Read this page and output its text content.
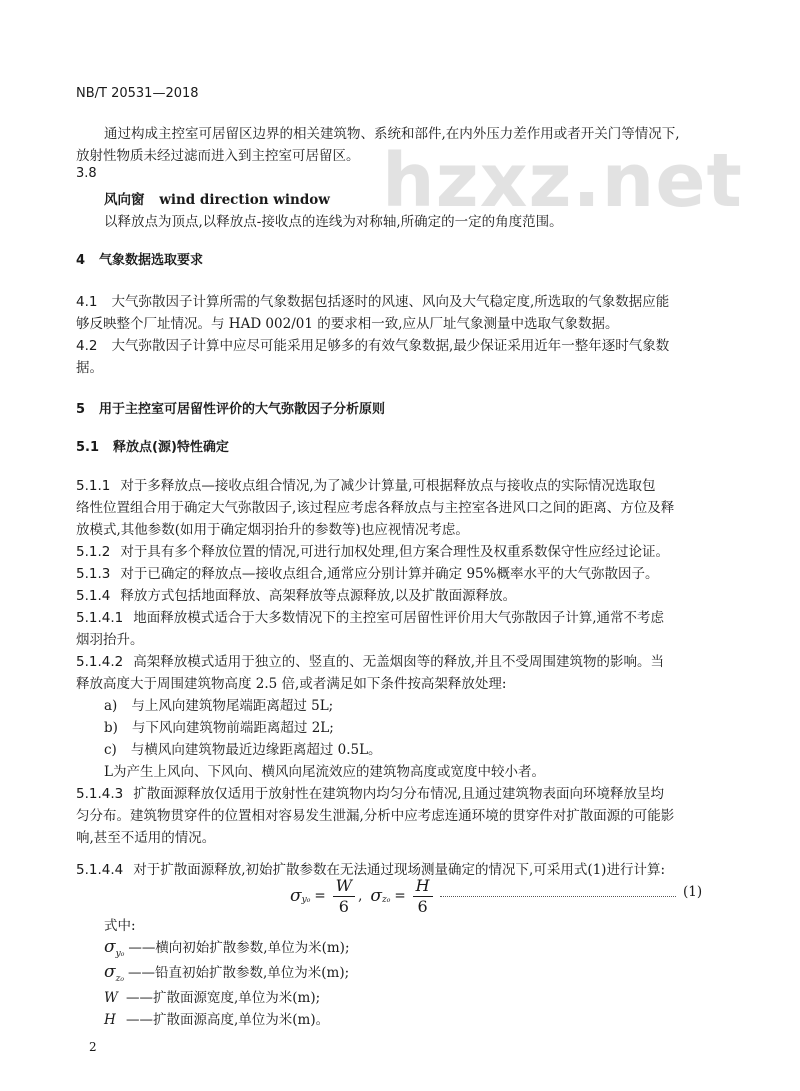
hzxz.net
NB/T 20531—2018
通过构成主控室可居留区边界的相关建筑物、系统和部件,在内外压力差作用或者开关门等情况下,
放射性物质未经过滤而进入到主控室可居留区。
3.8
风向窗 wind direction window
以释放点为顶点,以释放点-接收点的连线为对称轴,所确定的一定的角度范围。
4 气象数据选取要求
4.1 大气弥散因子计算所需的气象数据包括逐时的风速、风向及大气稳定度,所选取的气象数据应能
够反映整个厂址情况。与 HAD 002/01 的要求相一致,应从厂址气象测量中选取气象数据。
4.2 大气弥散因子计算中应尽可能采用足够多的有效气象数据,最少保证采用近年一整年逐时气象数
据。
5 用于主控室可居留性评价的大气弥散因子分析原则
5.1 释放点(源)特性确定
5.1.1 对于多释放点—接收点组合情况,为了减少计算量,可根据释放点与接收点的实际情况选取包
络性位置组合用于确定大气弥散因子,该过程应考虑各释放点与主控室各进风口之间的距离、方位及释
放模式,其他参数(如用于确定烟羽抬升的参数等)也应视情况考虑。
5.1.2 对于具有多个释放位置的情况,可进行加权处理,但方案合理性及权重系数保守性应经过论证。
5.1.3 对于已确定的释放点—接收点组合,通常应分别计算并确定 95%概率水平的大气弥散因子。
5.1.4 释放方式包括地面释放、高架释放等点源释放,以及扩散面源释放。
5.1.4.1 地面释放模式适合于大多数情况下的主控室可居留性评价用大气弥散因子计算,通常不考虑
烟羽抬升。
5.1.4.2 高架释放模式适用于独立的、竖直的、无盖烟囱等的释放,并且不受周围建筑物的影响。当
释放高度大于周围建筑物高度 2.5 倍,或者满足如下条件按高架释放处理:
a) 与上风向建筑物尾端距离超过 5L;
b) 与下风向建筑物前端距离超过 2L;
c) 与横风向建筑物最近边缘距离超过 0.5L。
L为产生上风向、下风向、横风向尾流效应的建筑物高度或宽度中较小者。
5.1.4.3 扩散面源释放仅适用于放射性在建筑物内均匀分布情况,且通过建筑物表面向环境释放呈均
匀分布。建筑物贯穿件的位置相对容易发生泄漏,分析中应考虑连通环境的贯穿件对扩散面源的可能影
响,甚至不适用的情况。
5.1.4.4 对于扩散面源释放,初始扩散参数在无法通过现场测量确定的情况下,可采用式(1)进行计算:
σ $y_0 = \frac{W}{6}$ , σ $z_0 = \frac{H}{6}$	(1)
式中:
$\sigma_{y_0}$ ——横向初始扩散参数,单位为米(m);
$\sigma_{z_0}$ ——铅直初始扩散参数,单位为米(m);
W ——扩散面源宽度,单位为米(m);
H ——扩散面源高度,单位为米(m)。
2
